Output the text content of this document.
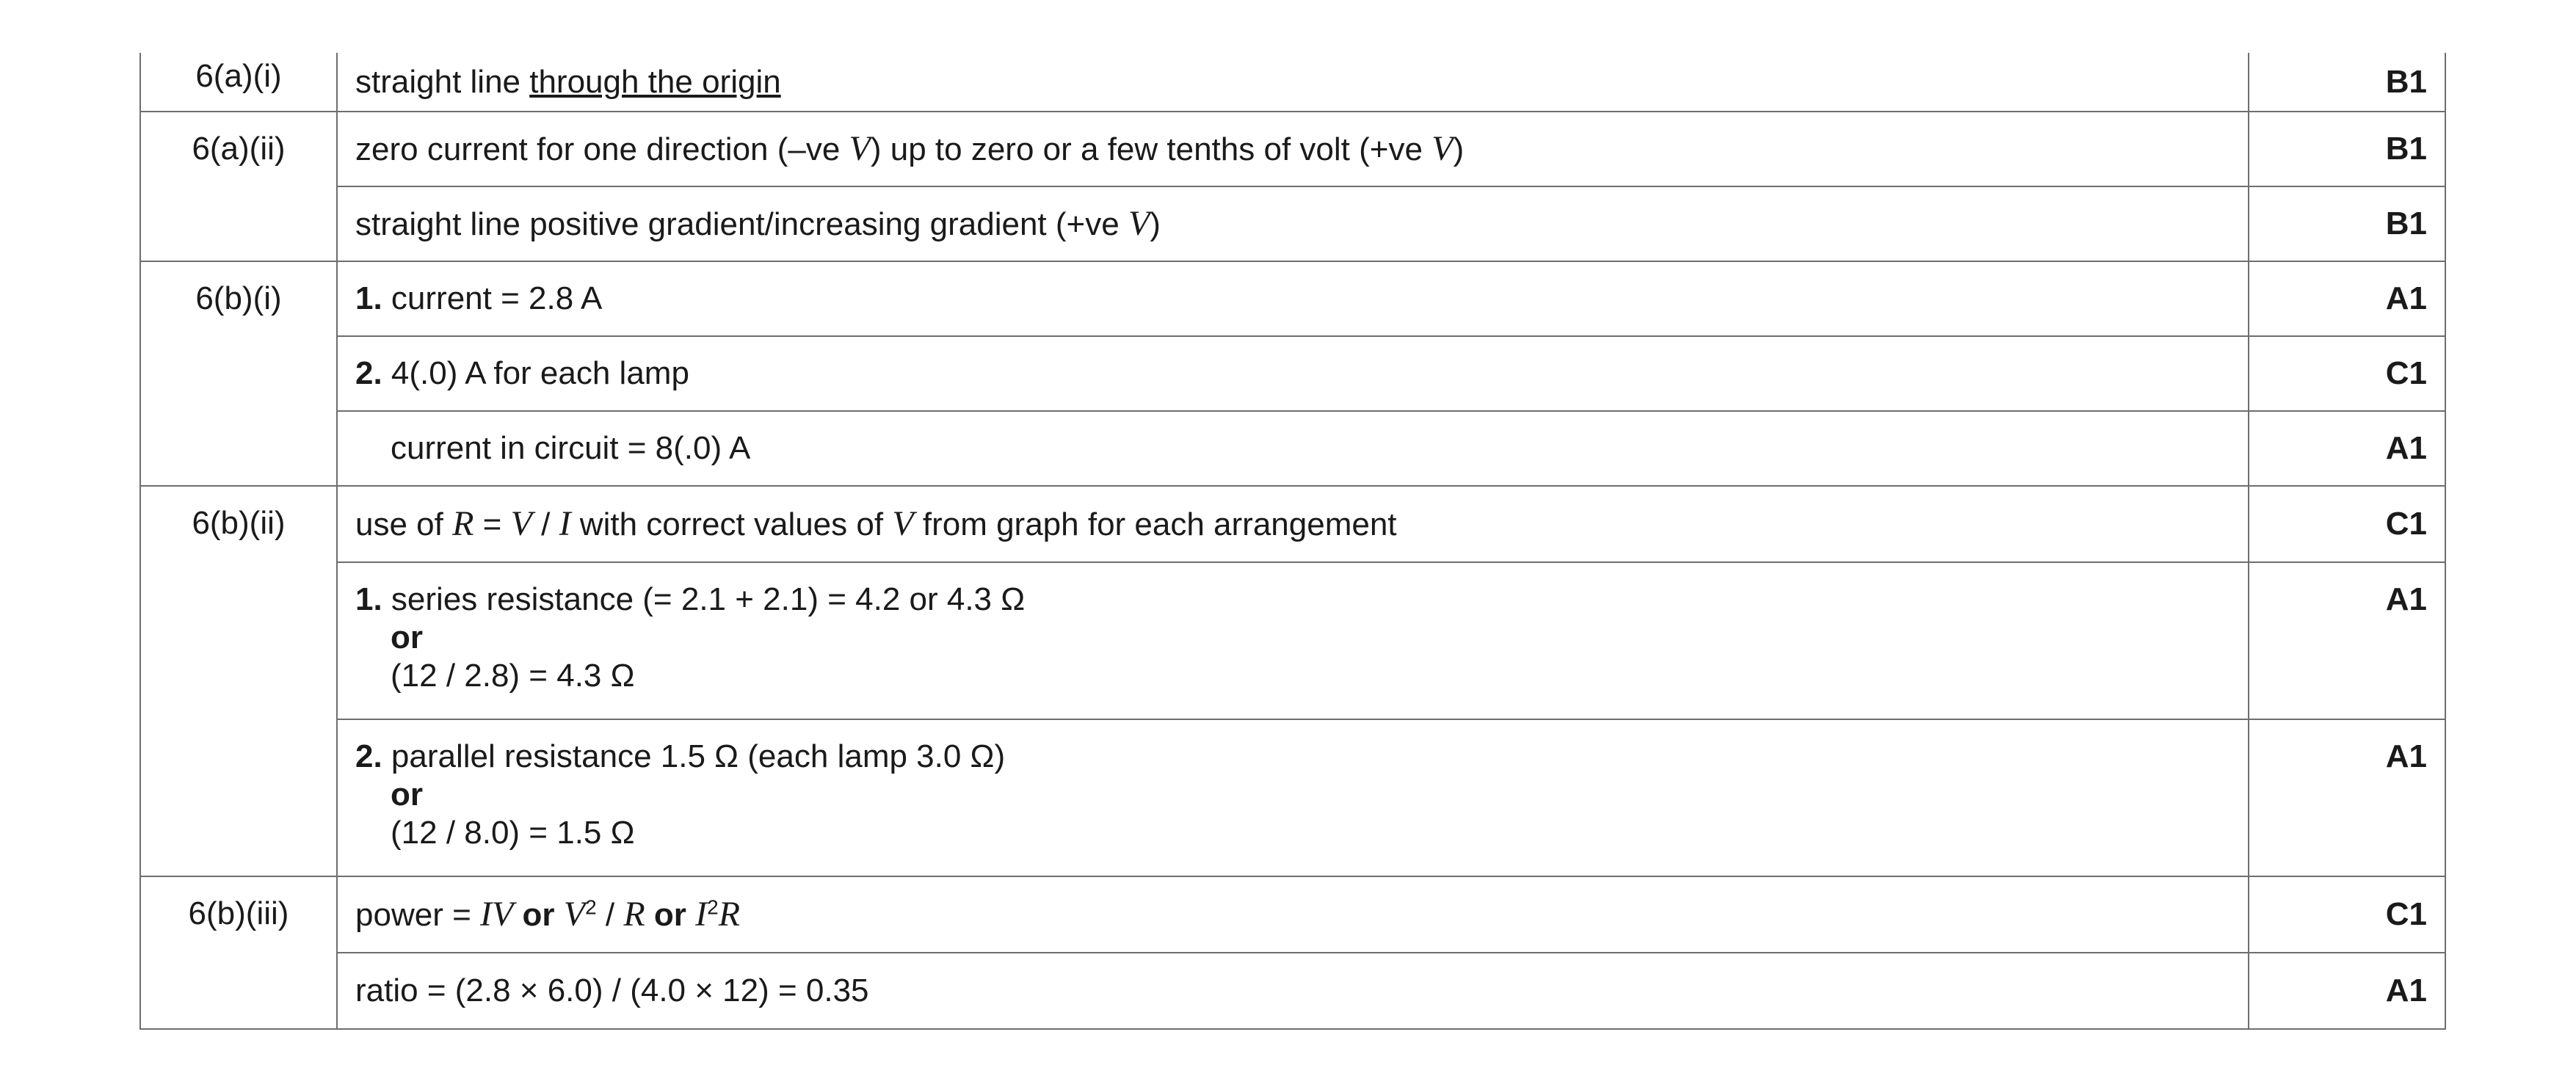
6(a)(i)	straight line through the origin	B1
6(a)(ii)	zero current for one direction (–ve V) up to zero or a few tenths of volt (+ve V)	B1
	straight line positive gradient/increasing gradient (+ve V)	B1
6(b)(i)	1. current = 2.8 A	A1
	2. 4(.0) A for each lamp	C1

	current in circuit = 8(.0) A	A1
6(b)(ii)	use of R = V / I with correct values of V from graph for each arrangement	C1
	1. series resistance (= 2.1 + 2.1) = 4.2 or 4.3 Ω
or
(12 / 2.8) = 4.3 Ω	A1
	2. parallel resistance 1.5 Ω (each lamp 3.0 Ω)
or
(12 / 8.0) = 1.5 Ω	A1
6(b)(iii)	power = IV or $V^2$ / R or $I^2R$	C1
	ratio = (2.8 × 6.0) / (4.0 × 12) = 0.35	A1
